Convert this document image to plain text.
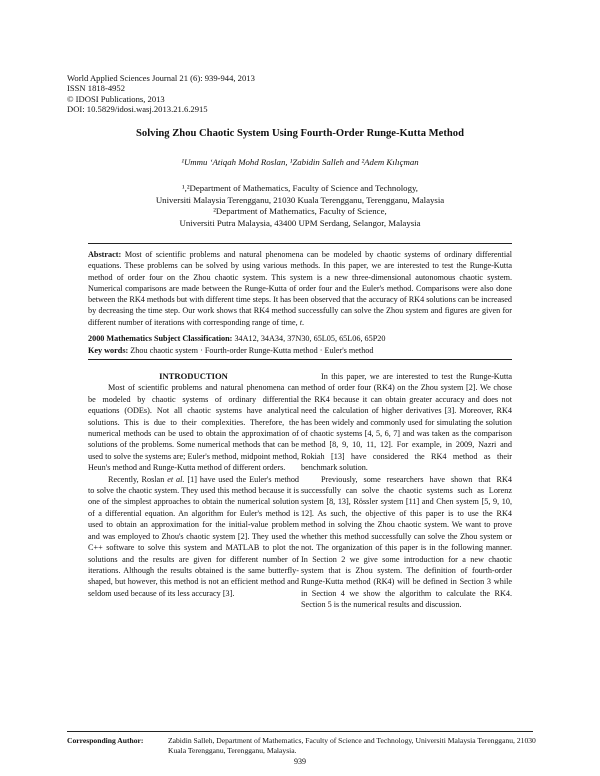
World Applied Sciences Journal 21 (6): 939-944, 2013
ISSN 1818-4952
© IDOSI Publications, 2013
DOI: 10.5829/idosi.wasj.2013.21.6.2915
Solving Zhou Chaotic System Using Fourth-Order Runge-Kutta Method
¹Ummu ‘Atiqah Mohd Roslan, ¹Zabidin Salleh and ²Adem Kılıçman
¹,²Department of Mathematics, Faculty of Science and Technology,
Universiti Malaysia Terengganu, 21030 Kuala Terengganu, Terengganu, Malaysia
²Department of Mathematics, Faculty of Science,
Universiti Putra Malaysia, 43400 UPM Serdang, Selangor, Malaysia
Abstract: Most of scientific problems and natural phenomena can be modeled by chaotic systems of ordinary differential equations. These problems can be solved by using various methods. In this paper, we are interested to test the Runge-Kutta method of order four on the Zhou chaotic system. This system is a new three-dimensional autonomous chaotic system. Numerical comparisons are made between the Runge-Kutta of order four and the Euler's method. Comparisons were also done between the RK4 methods but with different time steps. It has been observed that the accuracy of RK4 solutions can be increased by decreasing the time step. Our work shows that RK4 method successfully can solve the Zhou system and figures are given for different number of iterations with corresponding range of time, t.
2000 Mathematics Subject Classification: 34A12, 34A34, 37N30, 65L05, 65L06, 65P20
Key words: Zhou chaotic system · Fourth-order Runge-Kutta method · Euler's method

INTRODUCTION

Most of scientific problems and natural phenomena can be modeled by chaotic systems of ordinary differential equations (ODEs). Not all chaotic systems have analytical solutions. This is due to their complexities. Therefore, the numerical methods can be used to obtain the approximation of solutions of the problems. Some numerical methods that can be used to solve the systems are; Euler's method, midpoint method, Heun's method and Runge-Kutta method of different orders.

Recently, Roslan et al. [1] have used the Euler's method to solve the chaotic system. They used this method because it is one of the simplest approaches to obtain the numerical solution of a differential equation. An algorithm for Euler's method is used to obtain an approximation for the initial-value problem and was employed to Zhou's chaotic system [2]. They used the C++ software to solve this system and MATLAB to plot the solutions and the results are given for different number of iterations. Although the results obtained is the same butterfly-shaped, but however, this method is not an efficient method and seldom used because of its less accuracy [3].

In this paper, we are interested to test the Runge-Kutta method of order four (RK4) on the Zhou system [2]. We chose the RK4 because it can obtain greater accuracy and does not need the calculation of higher derivatives [3]. Moreover, RK4 has been widely and commonly used for simulating the solution of chaotic systems [4, 5, 6, 7] and was taken as the comparison method [8, 9, 10, 11, 12]. For example, in 2009, Nazri and Rokiah [13] have considered the RK4 method as their benchmark solution.

Previously, some researchers have shown that RK4 successfully can solve the chaotic systems such as Lorenz system [8, 13], Rössler system [11] and Chen system [5, 9, 10, 12]. As such, the objective of this paper is to use the RK4 method in solving the Zhou chaotic system. We want to prove whether this method successfully can solve the Zhou system or not. The organization of this paper is in the following manner. In Section 2 we give some introduction for a new chaotic system that is Zhou system. The definition of fourth-order Runge-Kutta method (RK4) will be defined in Section 3 while in Section 4 we show the algorithm to calculate the RK4. Section 5 is the numerical results and discussion.

Corresponding Author:	Zabidin Salleh, Department of Mathematics, Faculty of Science and Technology, Universiti Malaysia Terengganu, 21030 Kuala Terengganu, Terengganu, Malaysia.
939
